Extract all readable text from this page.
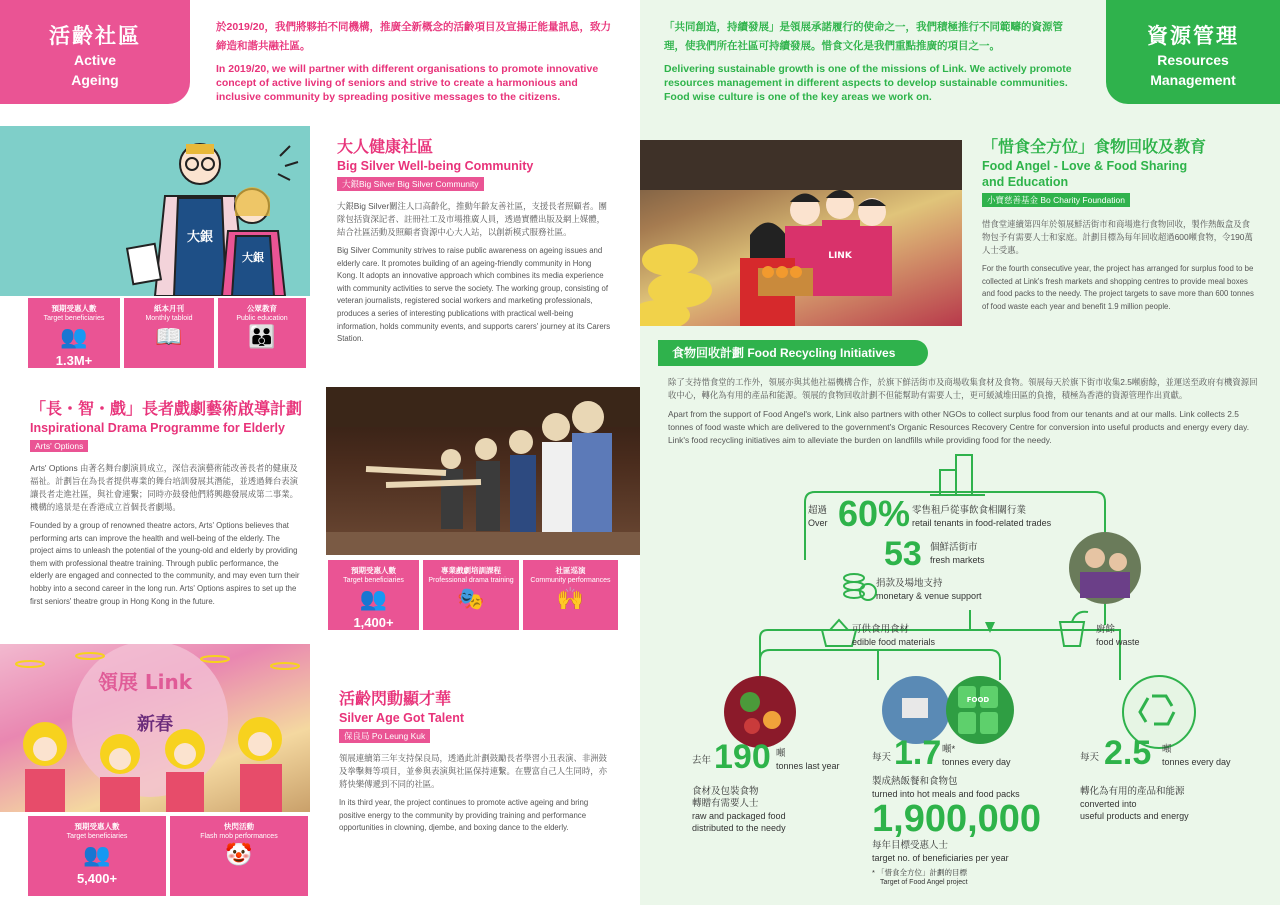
活齡社區
Active
Ageing

於2019/20，我們將夥拍不同機構，推廣全新概念的活齡項目及宣揚正能量訊息，致力締造和諧共融社區。

In 2019/20, we will partner with different organisations to promote innovative concept of active living of seniors and strive to create a harmonious and inclusive community by spreading positive messages to the citizens.

大銀
大銀
預期受惠人數
Target beneficiaries
👥
1.3M+
紙本月刊
Monthly tabloid
📖
公眾教育
Public education
👪
大人健康社區
Big Silver Well-being Community
大銀Big Silver Big Silver Community

大銀Big Silver關注人口高齡化，推動年齡友善社區，支援長者照顧者。團隊包括資深記者、註冊社工及市場推廣人員，透過實體出版及網上媒體，結合社區活動及照顧者資源中心大人站，以創新模式服務社區。

Big Silver Community strives to raise public awareness on ageing issues and elderly care. It promotes building of an ageing-friendly community in Hong Kong. It adopts an innovative approach which combines its media experience with community activities to serve the society. The working group, consisting of veteran journalists, registered social workers and marketing professionals, produces a series of interesting publications with practical well-being information, holds community events, and supports carers' journey at its Carers Station.

「長・智・戲」長者戲劇藝術啟導計劃
Inspirational Drama Programme for Elderly
Arts' Options

Arts' Options 由著名舞台劇演員成立，深信表演藝術能改善長者的健康及福祉。計劃旨在為長者提供專業的舞台培訓發展其潛能，並透過舞台表演讓長者走進社區，與社會連繫；同時亦鼓發他們將興趣發展成第二事業。機構的遠景是在香港成立首個長者劇場。

Founded by a group of renowned theatre actors, Arts' Options believes that performing arts can improve the health and well-being of the elderly. The project aims to unleash the potential of the young-old and elderly by providing them with professional theatre training. Through public performance, the elderly are engaged and connected to the community, and may even turn their hobby into a second career in the long run. Arts' Options aspires to set up the first seniors' theatre group in Hong Kong in the future.

預期受惠人數
Target beneficiaries
👥
1,400+
專業戲劇培訓課程
Professional drama training
🎭
社區巡演
Community performances
🙌
領展 Link
新春
預期受惠人數
Target beneficiaries
👥
5,400+
快閃活動
Flash mob performances
🤡
活齡閃動顯才華
Silver Age Got Talent
保良局 Po Leung Kuk

領展連續第三年支持保良局，透過此計劃鼓勵長者學習小丑表演、非洲鼓及拳擊舞等項目，並參與表演與社區保持連繫。在豐富自己人生同時，亦將快樂傳遞到不同的社區。

In its third year, the project continues to promote active ageing and bring positive energy to the community by providing training and performance opportunities in clowning, djembe, and boxing dance to the elderly.

資源管理
Resources
Management

「共同創造，持續發展」是領展承諾履行的使命之一，我們積極推行不同範疇的資源管理，使我們所在社區可持續發展。惜食文化是我們重點推廣的項目之一。

Delivering sustainable growth is one of the missions of Link. We actively promote resources management in different aspects to develop sustainable communities. Food wise culture is one of the key areas we work on.

LINK
「惜食全方位」食物回收及教育
Food Angel - Love & Food Sharing
and Education
小寶慈善基金 Bo Charity Foundation

惜食堂連續第四年於領展鮮活街市和商場進行食物回收，製作熱飯盒及食物包予有需要人士和家庭。計劃目標為每年回收超過600噸食物，令190萬人士受惠。

For the fourth consecutive year, the project has arranged for surplus food to be collected at Link's fresh markets and shopping centres to provide meal boxes and food packs to the needy. The project targets to save more than 600 tonnes of food waste each year and benefit 1.9 million people.

食物回收計劃 Food Recycling Initiatives

除了支持惜食堂的工作外，領展亦與其他社福機構合作，於旗下鮮活街市及商場收集食材及食物。領展每天於旗下街市收集2.5噸廚餘，並運送至政府有機資源回收中心，轉化為有用的產品和能源。領展的食物回收計劃不但能幫助有需要人士，更可緩減堆田區的負擔，積極為香港的資源管理作出貢獻。

Apart from the support of Food Angel's work, Link also partners with other NGOs to collect surplus food from our tenants and at our malls. Link collects 2.5 tonnes of food waste which are delivered to the government's Organic Resources Recovery Centre for conversion into useful products and energy every day. Link's food recycling initiatives aim to alleviate the burden on landfills while providing food for the needy.

FOOD
超過
Over 60% 零售租戶從事飲食相關行業
retail tenants in food-related trades
53 個鮮活街市
fresh markets
捐款及場地支持
monetary & venue support
可供食用食材
edible food materials
廚餘
food waste
去年 190 噸
tonnes last year
食材及包裝食物
轉贈有需要人士
raw and packaged food
distributed to the needy
每天 1.7 噸*
tonnes every day
製成熱飯餐和食物包
turned into hot meals and food packs
1,900,000
每年目標受惠人士
target no. of beneficiaries per year
* 「惜食全方位」計劃的目標
Target of Food Angel project
每天 2.5 噸
tonnes every day
轉化為有用的產品和能源
converted into
useful products and energy
